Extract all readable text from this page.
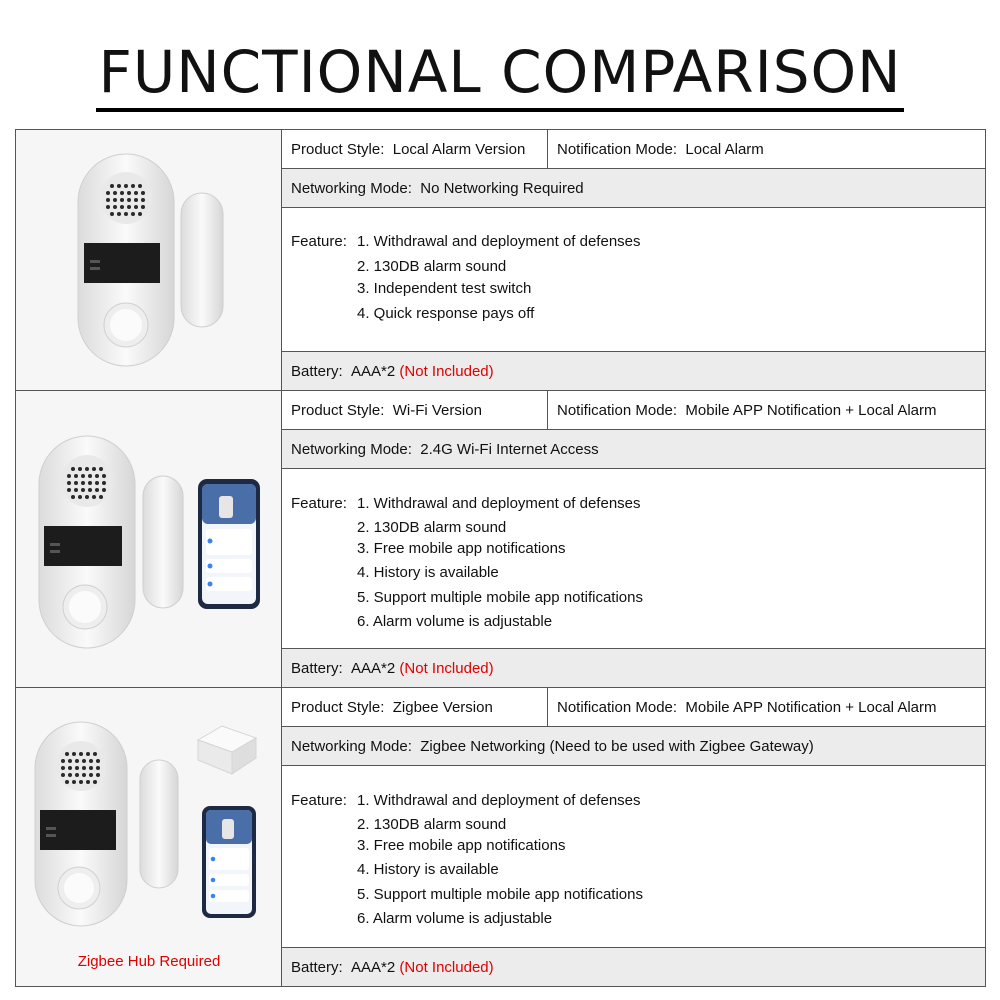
FUNCTIONAL COMPARISON
Product Style:
Local Alarm Version Notification Mode:
Local Alarm
Networking Mode:
No Networking Required
Feature: 1. Withdrawal and deployment of defenses
2. 130DB alarm sound
3. Independent test switch
4. Quick response pays off
Battery:
AAA*2
(Not Included)
Product Style:
Wi-Fi Version	Notification Mode:
Mobile APP Notification + Local Alarm
Networking Mode:
2.4G Wi-Fi Internet Access
Feature: 1. Withdrawal and deployment of defenses
2. 130DB alarm sound
3. Free mobile app notifications
4. History is available
5. Support multiple mobile app notifications
6. Alarm volume is adjustable
Battery:
AAA*2
(Not Included)
Zigbee Hub Required
Product Style:
Zigbee Version	Notification Mode:
Mobile APP Notification + Local Alarm
Networking Mode:
Zigbee Networking (Need to be used with Zigbee Gateway)
Feature: 1. Withdrawal and deployment of defenses
2. 130DB alarm sound
3. Free mobile app notifications
4. History is available
5. Support multiple mobile app notifications
6. Alarm volume is adjustable
Battery:
AAA*2
(Not Included)
